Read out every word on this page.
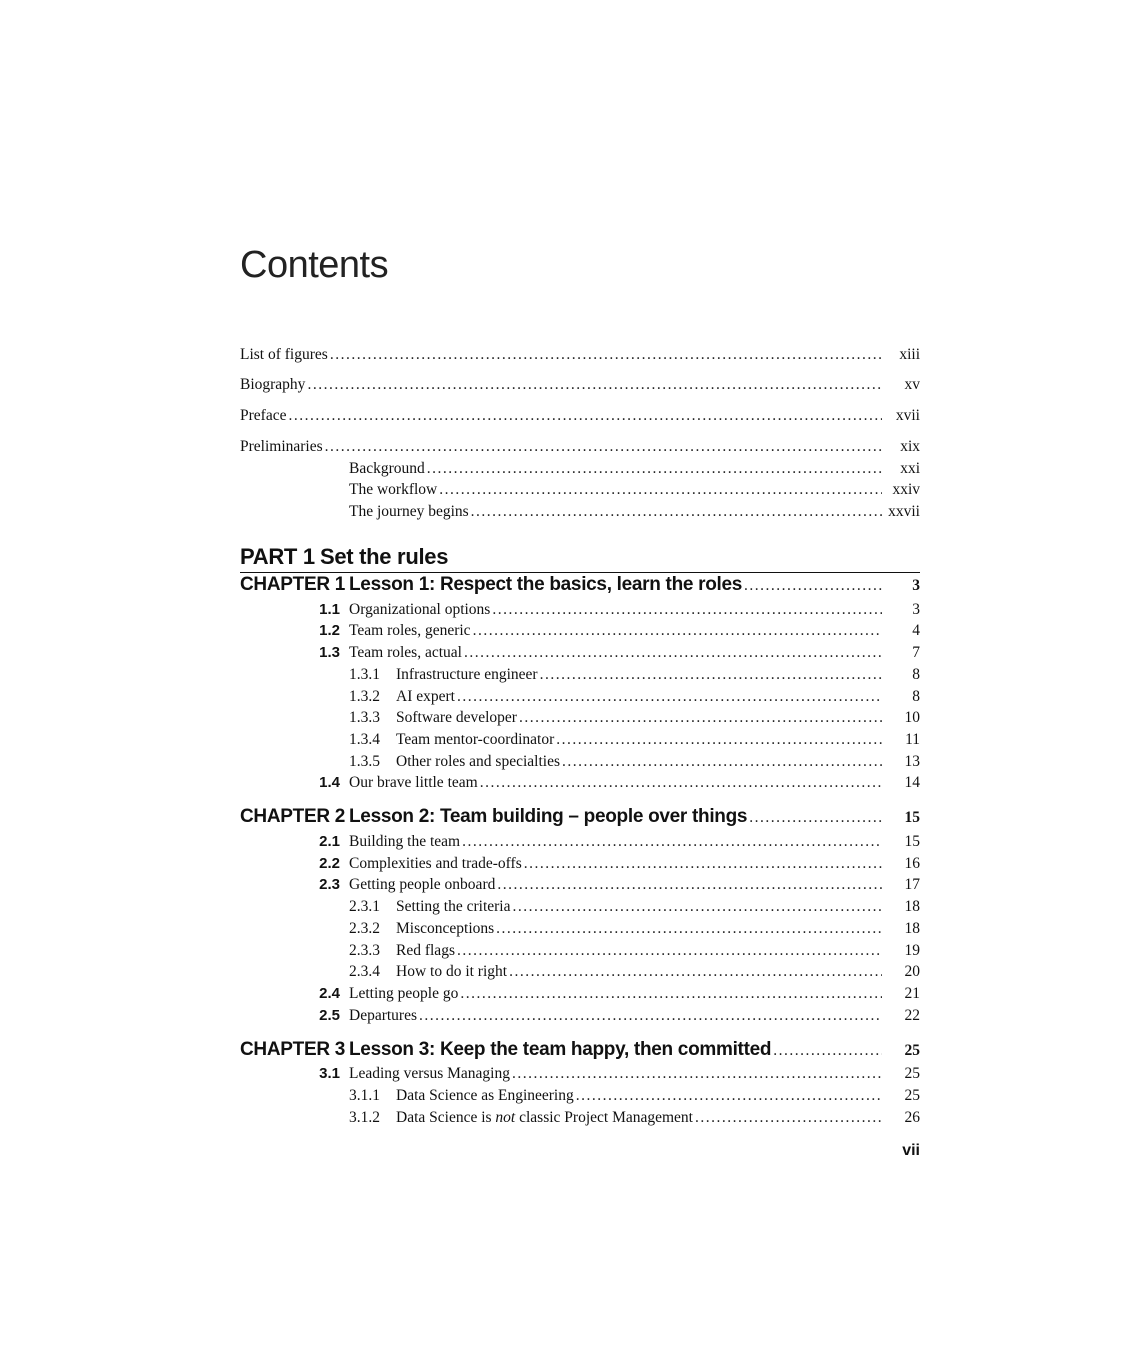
Contents
List of figures .....	xiii
Biography .....	xv
Preface .....	xvii
Preliminaries .....	xix
Background .....	xxi
The workflow .....	xxiv
The journey begins .....	xxvii
PART 1 Set the rules
CHAPTER 1 Lesson 1: Respect the basics, learn the roles .....	3
1.1 Organizational options .....	3
1.2 Team roles, generic .....	4
1.3 Team roles, actual .....	7
1.3.1	Infrastructure engineer .....	8
1.3.2	AI expert .....	8
1.3.3	Software developer .....	10
1.3.4	Team mentor-coordinator .....	11
1.3.5	Other roles and specialties .....	13
1.4 Our brave little team .....	14
CHAPTER 2 Lesson 2: Team building – people over things .....	15
2.1 Building the team .....	15
2.2 Complexities and trade-offs .....	16
2.3 Getting people onboard .....	17
2.3.1	Setting the criteria .....	18
2.3.2	Misconceptions .....	18
2.3.3	Red flags .....	19
2.3.4	How to do it right .....	20
2.4 Letting people go .....	21
2.5 Departures .....	22
CHAPTER 3 Lesson 3: Keep the team happy, then committed .....	25
3.1 Leading versus Managing .....	25
3.1.1	Data Science as Engineering .....	25
3.1.2	Data Science is not classic Project Management .....	26
vii
